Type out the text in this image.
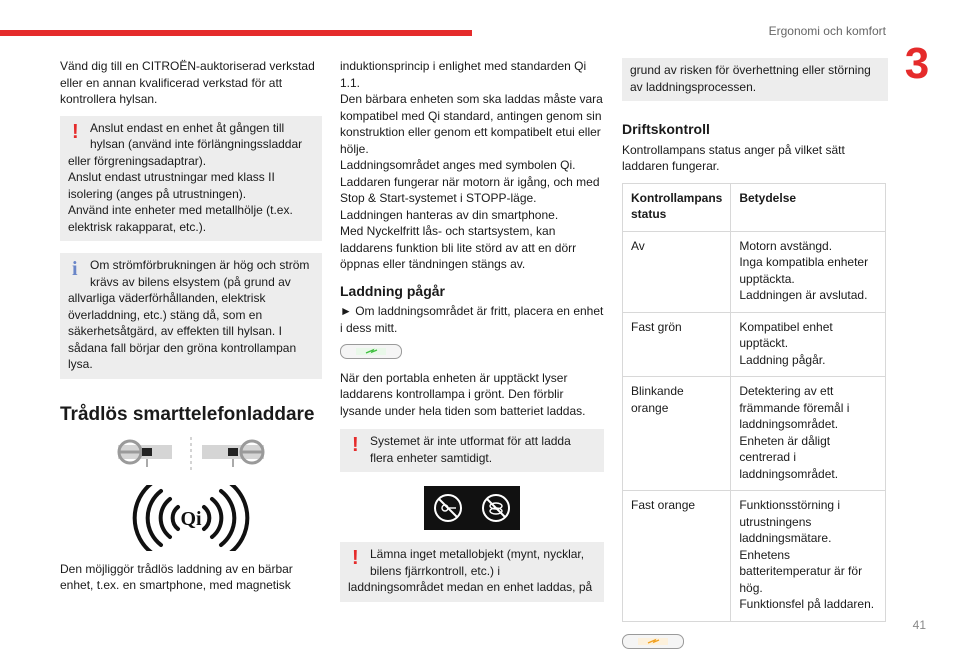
Ergonomi och komfort
3

Vänd dig till en CITROËN-auktoriserad verkstad eller en annan kvalificerad verkstad för att kontrollera hylsan.

! Anslut endast en enhet åt gången till

hylsan (använd inte förlängningssladdar

eller förgreningsadaptrar).

Anslut endast utrustningar med klass II isolering (anges på utrustningen).

Använd inte enheter med metallhölje (t.ex. elektrisk rakapparat, etc.).

i	Om strömförbrukningen är hög och ström

krävs av bilens elsystem (på grund av

allvarliga väderförhållanden, elektrisk överladdning, etc.) stäng då, som en säkerhetsåtgärd, av effekten till hylsan. I sådana fall börjar den gröna kontrollampan lysa.

Trådlös smarttelefonladdare
Qi

Den möjliggör trådlös laddning av en bärbar enhet, t.ex. en smartphone, med magnetisk

induktionsprincip i enlighet med standarden Qi 1.1.

Den bärbara enheten som ska laddas måste vara kompatibel med Qi standard, antingen genom sin konstruktion eller genom ett kompatibelt etui eller hölje.

Laddningsområdet anges med symbolen Qi.

Laddaren fungerar när motorn är igång, och med Stop & Start-systemet i STOPP-läge.

Laddningen hanteras av din smartphone.

Med Nyckelfritt lås- och startsystem, kan laddarens funktion bli lite störd av att en dörr öppnas eller tändningen stängs av.

Laddning pågår

► Om laddningsområdet är fritt, placera en enhet i dess mitt.

När den portabla enheten är upptäckt lyser laddarens kontrollampa i grönt. Den förblir lysande under hela tiden som batteriet laddas.

! Systemet är inte utformat för att ladda

flera enheter samtidigt.

! Lämna inget metallobjekt (mynt, nycklar,

bilens fjärrkontroll, etc.) i

laddningsområdet medan en enhet laddas, på

grund av risken för överhettning eller störning av laddningsprocessen.

Driftskontroll

Kontrollampans status anger på vilket sätt laddaren fungerar.

Kontrollampans status	Betydelse
Av	Motorn avstängd.
Inga kompatibla enheter upptäckta.
Laddningen är avslutad.

Fast grön	Kompatibel enhet upptäckt.
Laddning pågår.

Blinkande orange	Detektering av ett främmande föremål i laddningsområdet.
Enheten är dåligt centrerad i laddningsområdet.

Fast orange	Funktionsstörning i utrustningens laddningsmätare.
Enhetens batteritemperatur är för hög.
Funktionsfel på laddaren.
41
